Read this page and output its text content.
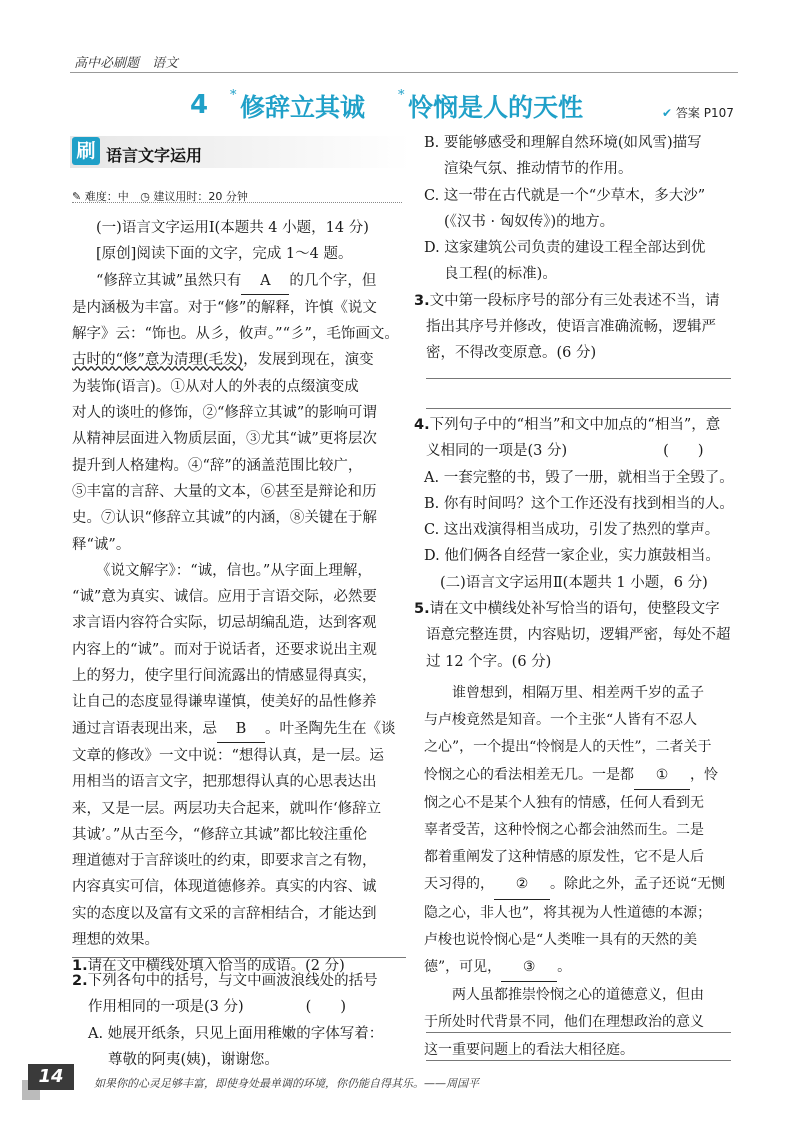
高中必刷题　语文
4 * 修辞立其诚	* 怜悯是人的天性	✔ 答案 P107
刷 语言文字运用
✎ 难度：中 ◷ 建议用时：20 分钟

(一)语言文字运用Ⅰ(本题共 4 小题，14 分)

[原创]阅读下面的文字，完成 1～4 题。

“修辞立其诚”虽然只有 A 的几个字，但

是内涵极为丰富。对于“修”的解释，许慎《说文

解字》云：“饰也。从彡，攸声。”“彡”，毛饰画文。

古时的“修”意为清理(毛发)，发展到现在，演变

为装饰(语言)。①从对人的外表的点缀演变成

对人的谈吐的修饰，②“修辞立其诚”的影响可谓

从精神层面进入物质层面，③尤其“诚”更将层次

提升到人格建构。④“辞”的涵盖范围比较广，

⑤丰富的言辞、大量的文本，⑥甚至是辩论和历

史。⑦认识“修辞立其诚”的内涵，⑧关键在于解

释“诚”。

《说文解字》：“诚，信也。”从字面上理解，

“诚”意为真实、诚信。应用于言语交际，必然要

求言语内容符合实际，切忌胡编乱造，达到客观

内容上的“诚”。而对于说话者，还要求说出主观

上的努力，使字里行间流露出的情感显得真实，

让自己的态度显得谦卑谨慎，使美好的品性修养

通过言语表现出来，忌 B 。叶圣陶先生在《谈

文章的修改》一文中说：“想得认真，是一层。运

用相当的语言文字，把那想得认真的心思表达出

来，又是一层。两层功夫合起来，就叫作‘修辞立

其诚’。”从古至今，“修辞立其诚”都比较注重伦

理道德对于言辞谈吐的约束，即要求言之有物，

内容真实可信，体现道德修养。真实的内容、诚

实的态度以及富有文采的言辞相结合，才能达到

理想的效果。

1.请在文中横线处填入恰当的成语。(2 分)

2.下列各句中的括号，与文中画波浪线处的括号

作用相同的一项是(3 分)	(　　)

A. 她展开纸条，只见上面用稚嫩的字体写着：

尊敬的阿夷(姨)，谢谢您。

B. 要能够感受和理解自然环境(如风雪)描写

渲染气氛、推动情节的作用。

C. 这一带在古代就是一个“少草木，多大沙”

(《汉书 · 匈奴传》)的地方。

D. 这家建筑公司负责的建设工程全部达到优

良工程(的标准)。

3.文中第一段标序号的部分有三处表述不当，请

指出其序号并修改，使语言准确流畅，逻辑严

密，不得改变原意。(6 分)

4.下列句子中的“相当”和文中加点的“相当”，意

义相同的一项是(3 分)	(　　)

A. 一套完整的书，毁了一册，就相当于全毁了。

B. 你有时间吗？这个工作还没有找到相当的人。

C. 这出戏演得相当成功，引发了热烈的掌声。

D. 他们俩各自经营一家企业，实力旗鼓相当。

(二)语言文字运用Ⅱ(本题共 1 小题，6 分)

5.请在文中横线处补写恰当的语句，使整段文字

语意完整连贯，内容贴切，逻辑严密，每处不超

过 12 个字。(6 分)

谁曾想到，相隔万里、相差两千岁的孟子

与卢梭竟然是知音。一个主张“人皆有不忍人

之心”，一个提出“怜悯是人的天性”，二者关于

怜悯之心的看法相差无几。一是都 ① ，怜

悯之心不是某个人独有的情感，任何人看到无

辜者受苦，这种怜悯之心都会油然而生。二是

都着重阐发了这种情感的原发性，它不是人后

天习得的， ② 。除此之外，孟子还说“无恻

隐之心，非人也”，将其视为人性道德的本源；

卢梭也说怜悯心是“人类唯一具有的天然的美

德”，可见， ③ 。

两人虽都推崇怜悯之心的道德意义，但由

于所处时代背景不同，他们在理想政治的意义

这一重要问题上的看法大相径庭。

14	如果你的心灵足够丰富，即使身处最单调的环境，你仍能自得其乐。——周国平
